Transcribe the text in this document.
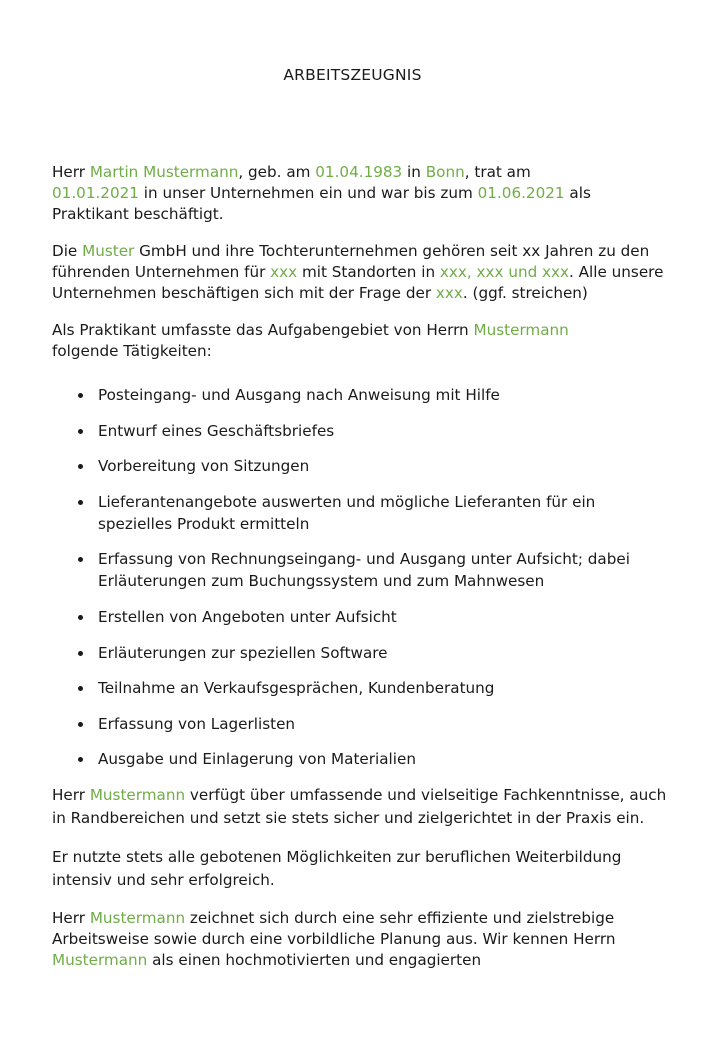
ARBEITSZEUGNIS

Herr Martin Mustermann, geb. am 01.04.1983 in Bonn, trat am
01.01.2021 in unser Unternehmen ein und war bis zum 01.06.2021 als Praktikant beschäftigt.

Die Muster GmbH und ihre Tochterunternehmen gehören seit xx Jahren zu den führenden Unternehmen für xxx mit Standorten in xxx, xxx und xxx. Alle unsere Unternehmen beschäftigen sich mit der Frage der xxx. (ggf. streichen)

Als Praktikant umfasste das Aufgabengebiet von Herrn Mustermann
folgende Tätigkeiten:

Posteingang- und Ausgang nach Anweisung mit Hilfe
Entwurf eines Geschäftsbriefes
Vorbereitung von Sitzungen
Lieferantenangebote auswerten und mögliche Lieferanten für ein spezielles Produkt ermitteln
Erfassung von Rechnungseingang- und Ausgang unter Aufsicht; dabei Erläuterungen zum Buchungssystem und zum Mahnwesen
Erstellen von Angeboten unter Aufsicht
Erläuterungen zur speziellen Software
Teilnahme an Verkaufsgesprächen, Kundenberatung
Erfassung von Lagerlisten
Ausgabe und Einlagerung von Materialien

Herr Mustermann verfügt über umfassende und vielseitige Fachkenntnisse, auch in Randbereichen und setzt sie stets sicher und zielgerichtet in der Praxis ein.

Er nutzte stets alle gebotenen Möglichkeiten zur beruflichen Weiterbildung intensiv und sehr erfolgreich.

Herr Mustermann zeichnet sich durch eine sehr effiziente und zielstrebige Arbeitsweise sowie durch eine vorbildliche Planung aus. Wir kennen Herrn
Mustermann als einen hochmotivierten und engagierten
